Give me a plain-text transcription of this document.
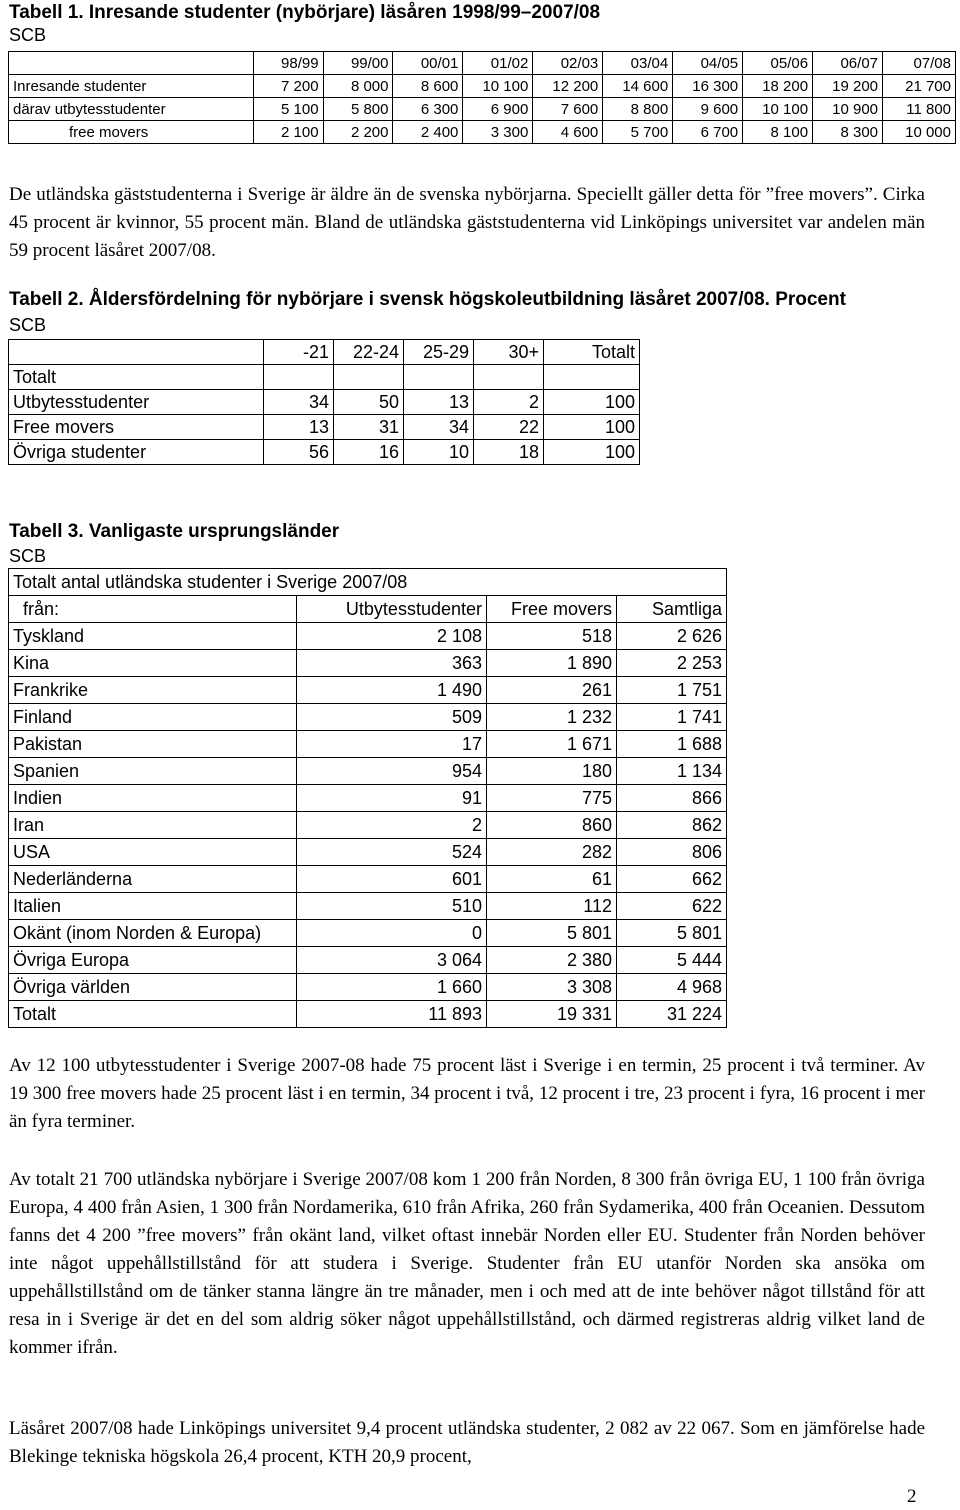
Tabell 1. Inresande studenter (nybörjare) läsåren 1998/99–2007/08
SCB
	98/99	99/00	00/01	01/02	02/03	03/04	04/05	05/06	06/07	07/08
Inresande studenter	7 200	8 000	8 600	10 100	12 200	14 600	16 300	18 200	19 200	21 700
därav utbytesstudenter	5 100	5 800	6 300	6 900	7 600	8 800	9 600	10 100	10 900	11 800
free movers	2 100	2 200	2 400	3 300	4 600	5 700	6 700	8 100	8 300	10 000
De utländska gäststudenterna i Sverige är äldre än de svenska nybörjarna. Speciellt gäller detta för ”free movers”. Cirka 45 procent är kvinnor, 55 procent män. Bland de utländska gäststudenterna vid Linköpings universitet var andelen män 59 procent läsåret 2007/08.
Tabell 2. Åldersfördelning för nybörjare i svensk högskoleutbildning läsåret 2007/08. Procent
SCB
	-21	22-24	25-29	30+	Totalt
Totalt					
Utbytesstudenter	34	50	13	2	100
Free movers	13	31	34	22	100
Övriga studenter	56	16	10	18	100
Tabell 3. Vanligaste ursprungsländer
SCB
Totalt antal utländska studenter i Sverige 2007/08			
från:	Utbytesstudenter	Free movers	Samtliga
Tyskland	2 108	518	2 626
Kina	363	1 890	2 253
Frankrike	1 490	261	1 751
Finland	509	1 232	1 741
Pakistan	17	1 671	1 688
Spanien	954	180	1 134
Indien	91	775	866
Iran	2	860	862
USA	524	282	806
Nederländerna	601	61	662
Italien	510	112	622
Okänt (inom Norden & Europa)	0	5 801	5 801
Övriga Europa	3 064	2 380	5 444
Övriga världen	1 660	3 308	4 968
Totalt	11 893	19 331	31 224
Av 12 100 utbytesstudenter i Sverige 2007-08 hade 75 procent läst i Sverige i en termin, 25 procent i två terminer. Av 19 300 free movers hade 25 procent läst i en termin, 34 procent i två, 12 procent i tre, 23 procent i fyra, 16 procent i mer än fyra terminer.
Av totalt 21 700 utländska nybörjare i Sverige 2007/08 kom 1 200 från Norden, 8 300 från övriga EU, 1 100 från övriga Europa, 4 400 från Asien, 1 300 från Nordamerika, 610 från Afrika, 260 från Sydamerika, 400 från Oceanien. Dessutom fanns det 4 200 ”free movers” från okänt land, vilket oftast innebär Norden eller EU. Studenter från Norden behöver inte något uppehållstillstånd för att studera i Sverige. Studenter från EU utanför Norden ska ansöka om uppehållstillstånd om de tänker stanna längre än tre månader, men i och med att de inte behöver något tillstånd för att resa in i Sverige är det en del som aldrig söker något uppehållstillstånd, och därmed registreras aldrig vilket land de kommer ifrån.
Läsåret 2007/08 hade Linköpings universitet 9,4 procent utländska studenter, 2 082 av 22 067. Som en jämförelse hade Blekinge tekniska högskola 26,4 procent, KTH 20,9 procent,
2
